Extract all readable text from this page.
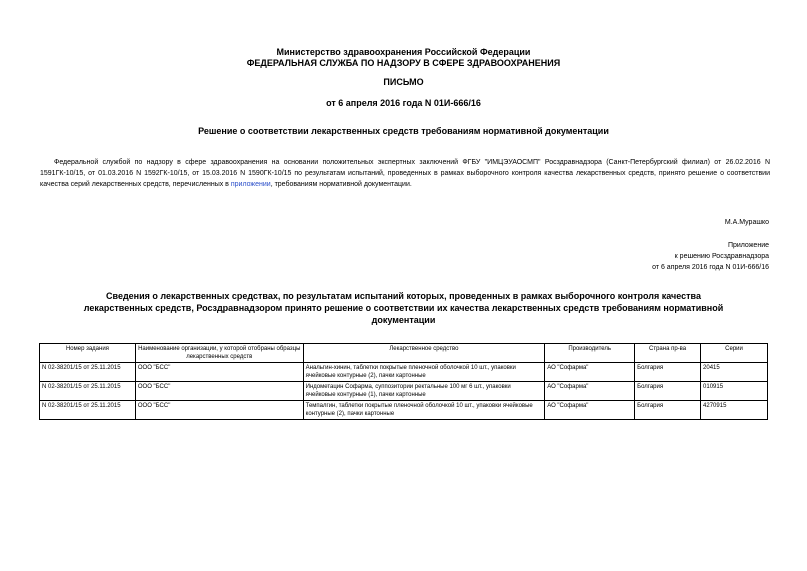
Министерство здравоохранения Российской Федерации
ФЕДЕРАЛЬНАЯ СЛУЖБА ПО НАДЗОРУ В СФЕРЕ ЗДРАВООХРАНЕНИЯ
ПИСЬМО
от 6 апреля 2016 года N 01И-666/16
Решение о соответствии лекарственных средств требованиям нормативной документации
Федеральной службой по надзору в сфере здравоохранения на основании положительных экспертных заключений ФГБУ "ИМЦЭУАОСМП" Росздравнадзора (Санкт-Петербургский филиал) от 26.02.2016 N 1591ГК-10/15, от 01.03.2016 N 1592ГК-10/15, от 15.03.2016 N 1590ГК-10/15 по результатам испытаний, проведенных в рамках выборочного контроля качества лекарственных средств, принято решение о соответствии качества серий лекарственных средств, перечисленных в приложении, требованиям нормативной документации.
М.А.Мурашко
Приложение
к решению Росздравнадзора
от 6 апреля 2016 года N 01И-666/16
Сведения о лекарственных средствах, по результатам испытаний которых, проведенных в рамках выборочного контроля качества лекарственных средств, Росздравнадзором принято решение о соответствии их качества лекарственных средств требованиям нормативной документации
Номер задания	Наименование организации, у которой отобраны образцы лекарственных средств	Лекарственное средство	Производитель	Страна пр-ва	Серии
N 02-38201/15 от 25.11.2015	ООО "БСС"	Анальгин-хинин, таблетки покрытые пленочной оболочкой 10 шт., упаковки ячейковые контурные (2), пачки картонные	АО "Софарма"	Болгария	20415
N 02-38201/15 от 25.11.2015	ООО "БСС"	Индометацин Софарма, суппозитории ректальные 100 мг 6 шт., упаковки ячейковые контурные (1), пачки картонные	АО "Софарма"	Болгария	010915
N 02-38201/15 от 25.11.2015	ООО "БСС"	Темпалгин, таблетки покрытые пленочной оболочкой 10 шт., упаковки ячейковые контурные (2), пачки картонные	АО "Софарма"	Болгария	4270915
